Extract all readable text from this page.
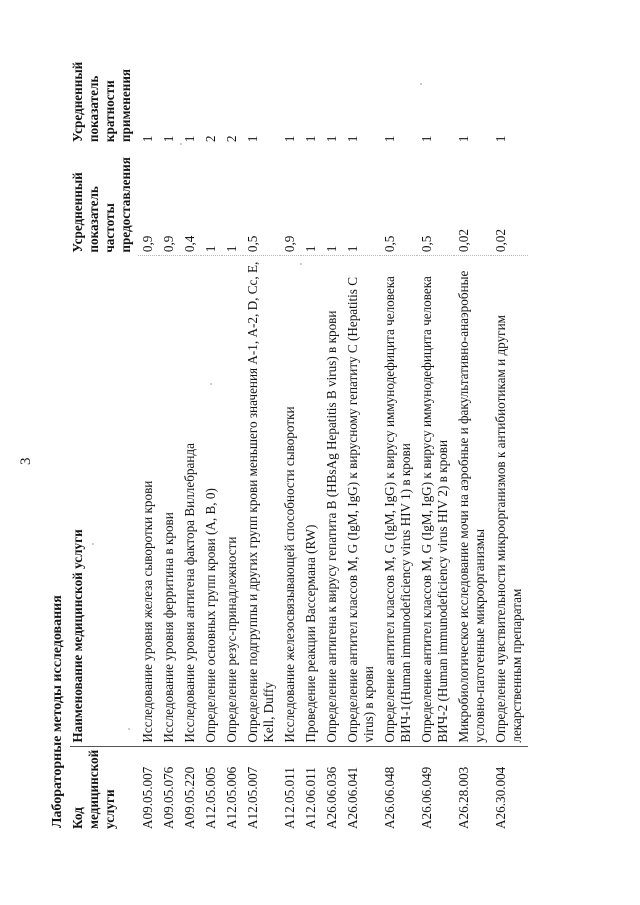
3
Лабораторные методы исследования Код медицинской услуги	Наименование медицинской услуги	Усредненный показатель частоты предоставления	Усредненный показатель кратности применения
A09.05.007	Исследование уровня железа сыворотки крови	0,9	1
A09.05.076	Исследование уровня ферритина в крови	0,9	1
A09.05.220	Исследование уровня антигена фактора Виллебранда	0,4	1
A12.05.005	Определение основных групп крови (A, B, 0)	1	2
A12.05.006	Определение резус-принадлежности	1	2
A12.05.007	Определение подгруппы и других групп крови меньшего значения А-1, А-2, D, Cc, E, Kell, Duffy	0,5	1
A12.05.011	Исследование железосвязывающей способности сыворотки	0,9	1
A12.06.011	Проведение реакции Вассермана (RW)	1	1
A26.06.036	Определение антигена к вирусу гепатита B (HBsAg Hepatitis B virus) в крови	1	1
A26.06.041	Определение антител классов M, G (IgM, IgG) к вирусному гепатиту C (Hepatitis C virus) в крови	1	1
A26.06.048	Определение антител классов M, G (IgM, IgG) к вирусу иммунодефицита человека ВИЧ-1(Human immunodeficiency virus HIV 1) в крови	0,5	1
A26.06.049	Определение антител классов M, G (IgM, IgG) к вирусу иммунодефицита человека ВИЧ-2 (Human immunodeficiency virus HIV 2) в крови	0,5	1
A26.28.003	Микробиологическое исследование мочи на аэробные и факультативно-анаэробные условно-патогенные микроорганизмы	0,02	1
A26.30.004	Определение чувствительности микроорганизмов к антибиотикам и другим лекарственным препаратам	0,02	1
